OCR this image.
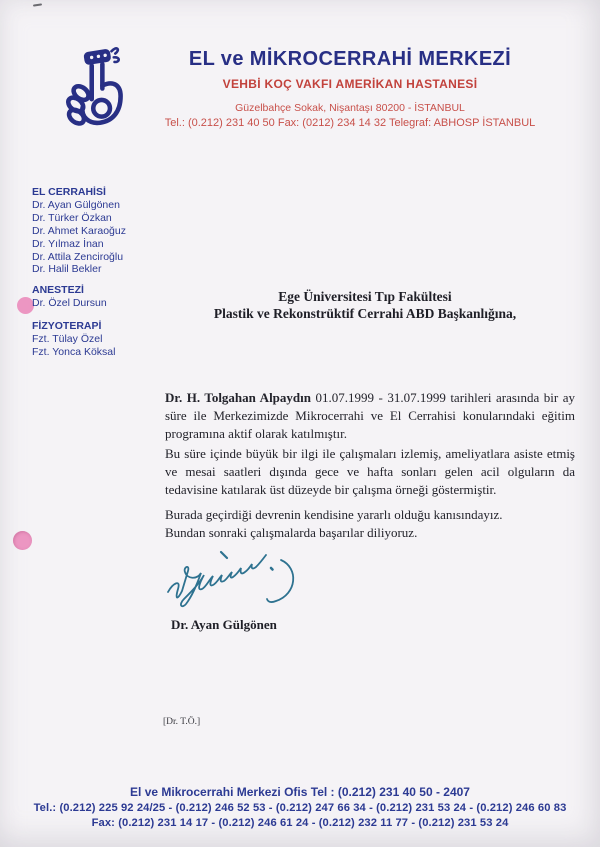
EL ve MİKROCERRAHİ MERKEZİ
VEHBİ KOÇ VAKFI AMERİKAN HASTANESİ
Güzelbahçe Sokak, Nişantaşı 80200 - İSTANBUL
Tel.: (0.212) 231 40 50 Fax: (0212) 234 14 32 Telegraf: ABHOSP İSTANBUL
EL CERRAHİSİ
Dr. Ayan Gülgönen
Dr. Türker Özkan
Dr. Ahmet Karaoğuz
Dr. Yılmaz İnan
Dr. Attila Zenciroğlu
Dr. Halil Bekler
ANESTEZİ
Dr. Özel Dursun
FİZYOTERAPİ
Fzt. Tülay Özel
Fzt. Yonca Köksal
Ege Üniversitesi Tıp Fakültesi
Plastik ve Rekonstrüktif Cerrahi ABD Başkanlığına,

Dr. H. Tolgahan Alpaydın 01.07.1999 - 31.07.1999 tarihleri arasında bir ay süre ile Merkezimizde Mikrocerrahi ve El Cerrahisi konularındaki eğitim programına aktif olarak katılmıştır.

Bu süre içinde büyük bir ilgi ile çalışmaları izlemiş, ameliyatlara asiste etmiş ve mesai saatleri dışında gece ve hafta sonları gelen acil olguların da tedavisine katılarak üst düzeyde bir çalışma örneği göstermiştir.

Burada geçirdiği devrenin kendisine yararlı olduğu kanısındayız.

Bundan sonraki çalışmalarda başarılar diliyoruz.

Dr. Ayan Gülgönen
[Dr. T.Ö.]
El ve Mikrocerrahi Merkezi Ofis Tel : (0.212) 231 40 50 - 2407
Tel.: (0.212) 225 92 24/25 - (0.212) 246 52 53 - (0.212) 247 66 34 - (0.212) 231 53 24 - (0.212) 246 60 83
Fax: (0.212) 231 14 17 - (0.212) 246 61 24 - (0.212) 232 11 77 - (0.212) 231 53 24
